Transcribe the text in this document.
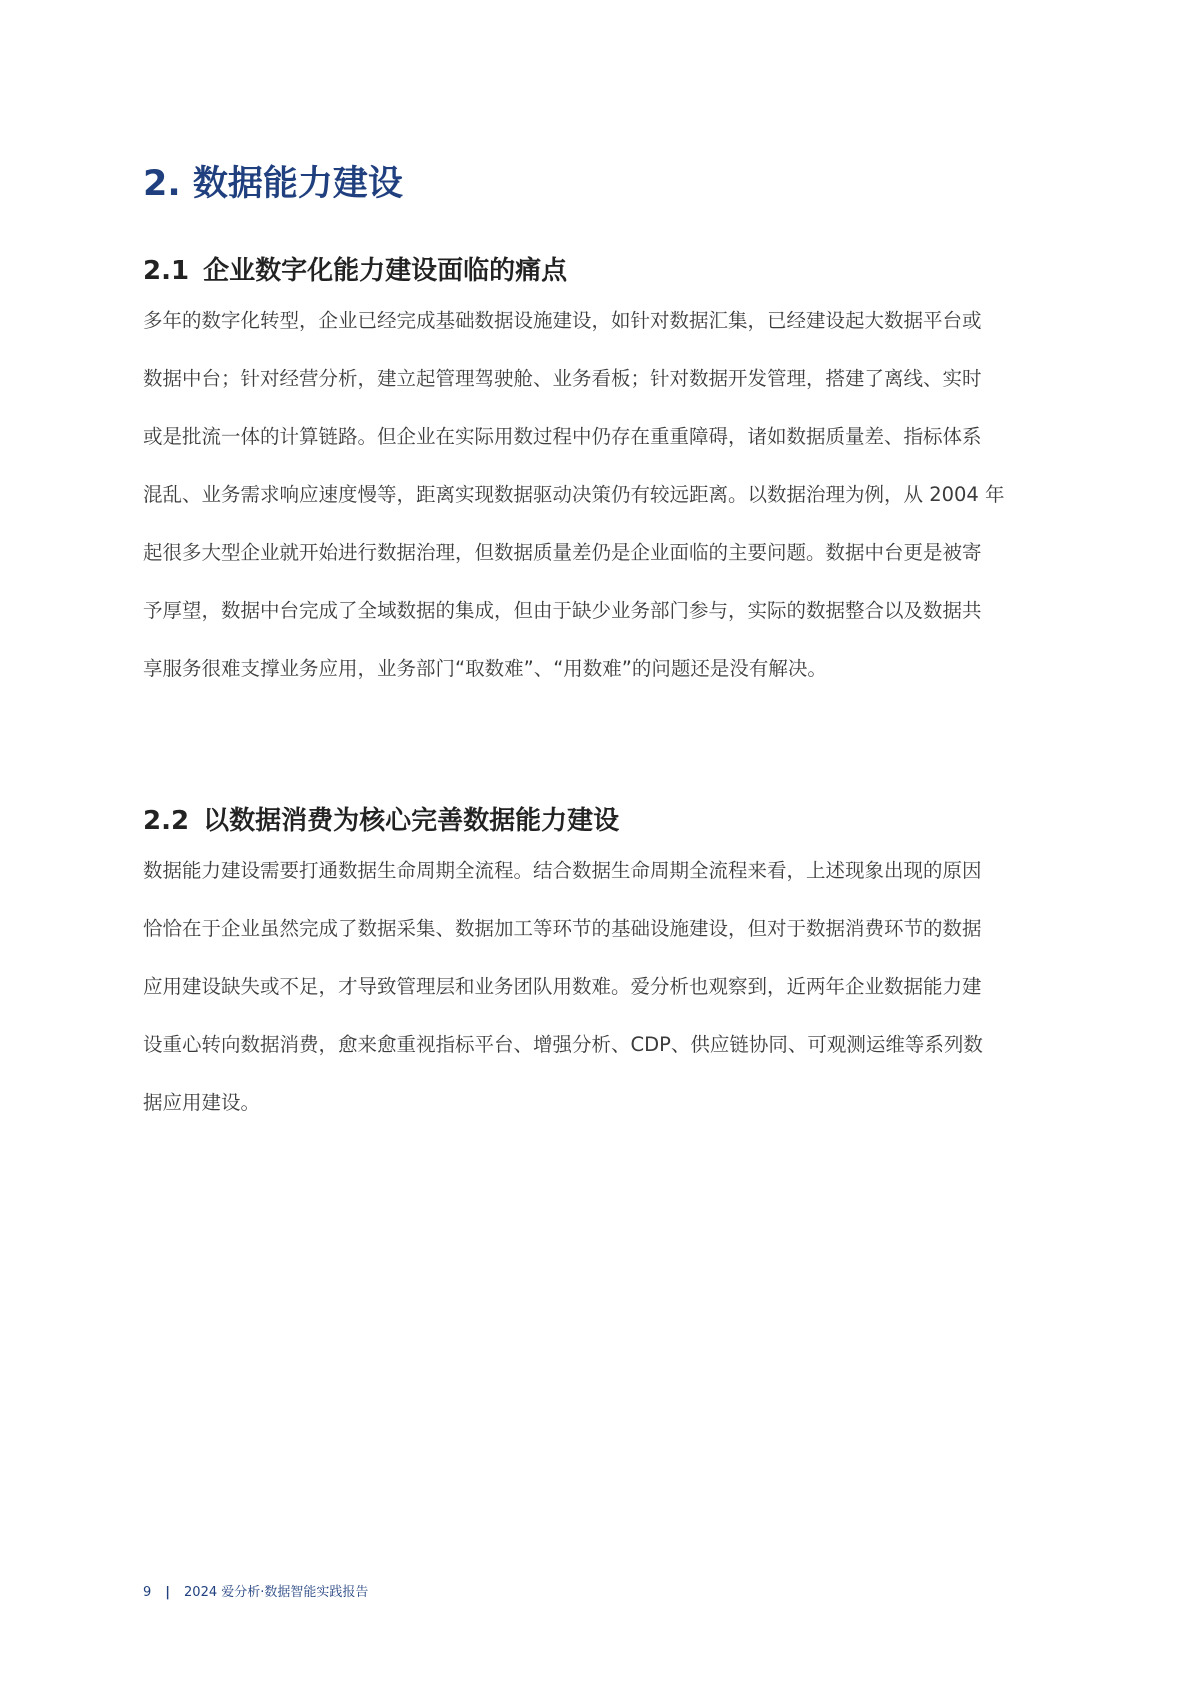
2. 数据能力建设
2.1 企业数字化能力建设面临的痛点
多年的数字化转型，企业已经完成基础数据设施建设，如针对数据汇集，已经建设起大数据平台或
数据中台；针对经营分析，建立起管理驾驶舱、业务看板；针对数据开发管理，搭建了离线、实时
或是批流一体的计算链路。但企业在实际用数过程中仍存在重重障碍，诸如数据质量差、指标体系
混乱、业务需求响应速度慢等，距离实现数据驱动决策仍有较远距离。以数据治理为例，从 2004 年
起很多大型企业就开始进行数据治理，但数据质量差仍是企业面临的主要问题。数据中台更是被寄
予厚望，数据中台完成了全域数据的集成，但由于缺少业务部门参与，实际的数据整合以及数据共
享服务很难支撑业务应用，业务部门“取数难”、“用数难”的问题还是没有解决。
2.2 以数据消费为核心完善数据能力建设
数据能力建设需要打通数据生命周期全流程。结合数据生命周期全流程来看，上述现象出现的原因
恰恰在于企业虽然完成了数据采集、数据加工等环节的基础设施建设，但对于数据消费环节的数据
应用建设缺失或不足，才导致管理层和业务团队用数难。爱分析也观察到，近两年企业数据能力建
设重心转向数据消费，愈来愈重视指标平台、增强分析、CDP、供应链协同、可观测运维等系列数
据应用建设。
9 | 2024 爱分析·数据智能实践报告
